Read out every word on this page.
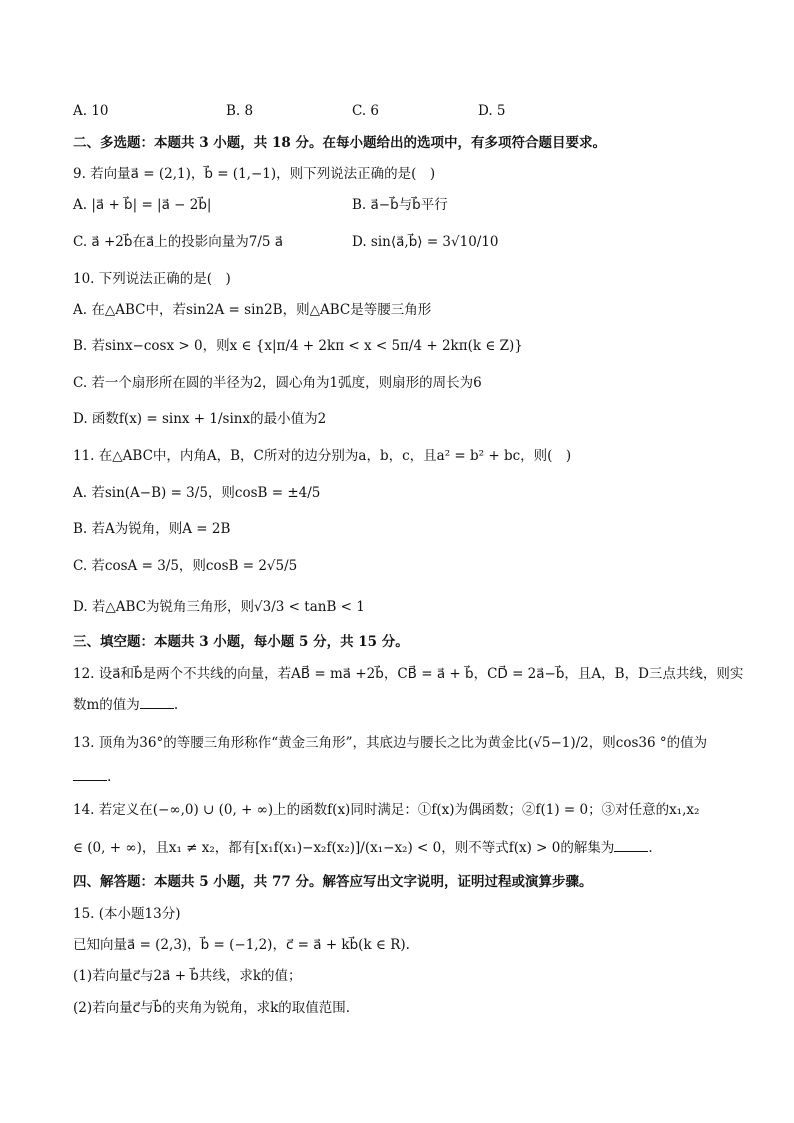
A. 10	B. 8	C. 6	D. 5
二、多选题：本题共 3 小题，共 18 分。在每小题给出的选项中，有多项符合题目要求。
9. 若向量a⃗ = (2,1)，b⃗ = (1,−1)，则下列说法正确的是(　)
A. |a⃗ + b⃗| = |a⃗ − 2b⃗|	B. a⃗−b⃗与b⃗平行
C. a⃗ +2b⃗在a⃗上的投影向量为7/5 a⃗	D. sin⟨a⃗,b⃗⟩ = 3√10/10
10. 下列说法正确的是(　)
A. 在△ABC中，若sin2A = sin2B，则△ABC是等腰三角形
B. 若sinx−cosx > 0，则x ∈ {x|π/4 + 2kπ < x < 5π/4 + 2kπ(k ∈ Z)}
C. 若一个扇形所在圆的半径为2，圆心角为1弧度，则扇形的周长为6
D. 函数f(x) = sinx + 1/sinx的最小值为2
11. 在△ABC中，内角A，B，C所对的边分别为a，b，c，且a² = b² + bc，则(　)
A. 若sin(A−B) = 3/5，则cosB = ±4/5
B. 若A为锐角，则A = 2B
C. 若cosA = 3/5，则cosB = 2√5/5
D. 若△ABC为锐角三角形，则√3/3 < tanB < 1
三、填空题：本题共 3 小题，每小题 5 分，共 15 分。
12. 设a⃗和b⃗是两个不共线的向量，若AB⃗ = ma⃗ +2b⃗，CB⃗ = a⃗ + b⃗，CD⃗ = 2a⃗−b⃗，且A，B，D三点共线，则实
数m的值为	.
13. 顶角为36°的等腰三角形称作“黄金三角形”，其底边与腰长之比为黄金比(√5−1)/2，则cos36 °的值为
.
14. 若定义在(−∞,0) ∪ (0, + ∞)上的函数f(x)同时满足：①f(x)为偶函数；②f(1) = 0；③对任意的x₁,x₂
∈ (0, + ∞)，且x₁ ≠ x₂，都有[x₁f(x₁)−x₂f(x₂)]/(x₁−x₂) < 0，则不等式f(x) > 0的解集为	.
四、解答题：本题共 5 小题，共 77 分。解答应写出文字说明，证明过程或演算步骤。
15. (本小题13分)
已知向量a⃗ = (2,3)，b⃗ = (−1,2)，c⃗ = a⃗ + kb⃗(k ∈ R).
(1)若向量c⃗与2a⃗ + b⃗共线，求k的值；
(2)若向量c⃗与b⃗的夹角为锐角，求k的取值范围.
